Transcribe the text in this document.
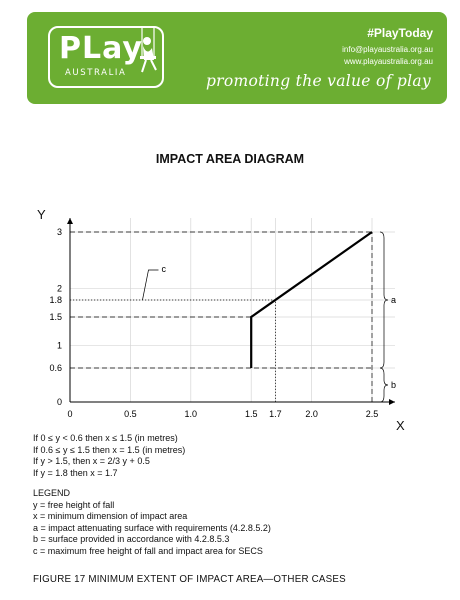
PLay
AUSTRALIA
#PlayToday
info@playaustralia.org.au
www.playaustralia.org.au
promoting the value of play
IMPACT AREA DIAGRAM
Y
X
0	0.5	1.0	1.5 1.7	2.0	2.5
0
0.6
1
1.5
1.8
2
3
c
a
b
If 0 ≤ y < 0.6 then x ≤ 1.5 (in metres)
If 0.6 ≤ y ≤ 1.5 then x = 1.5 (in metres)
If y > 1.5, then x = 2/3 y + 0.5
If y = 1.8 then x = 1.7
LEGEND
y = free height of fall
x = minimum dimension of impact area
a = impact attenuating surface with requirements (4.2.8.5.2)
b = surface provided in accordance with 4.2.8.5.3
c = maximum free height of fall and impact area for SECS
FIGURE 17 MINIMUM EXTENT OF IMPACT AREA—OTHER CASES
